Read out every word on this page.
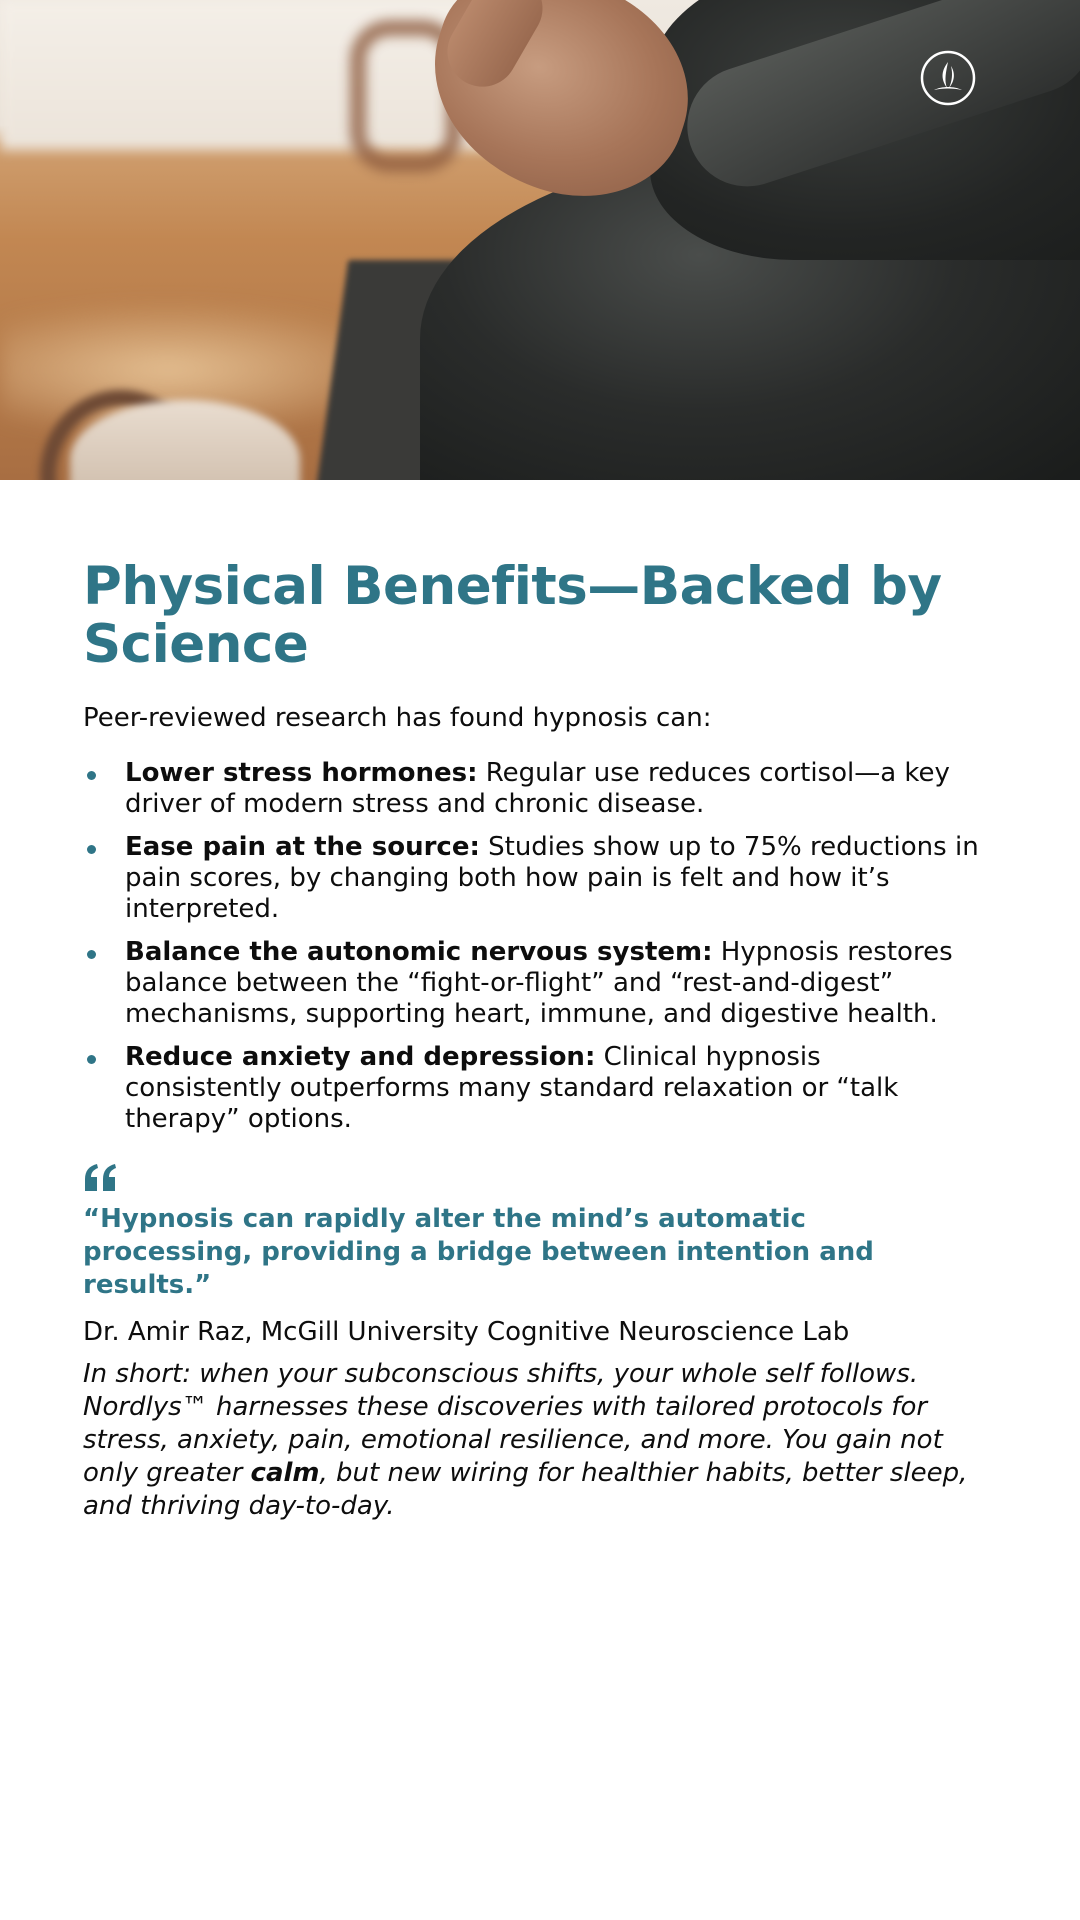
Physical Benefits—Backed by Science

Peer-reviewed research has found hypnosis can:

Lower stress hormones: Regular use reduces cortisol—a key driver of modern stress and chronic disease.
Ease pain at the source: Studies show up to 75% reductions in pain scores, by changing both how pain is felt and how it’s interpreted.
Balance the autonomic nervous system: Hypnosis restores balance between the “fight-or-flight” and “rest-and-digest” mechanisms, supporting heart, immune, and digestive health.
Reduce anxiety and depression: Clinical hypnosis consistently outperforms many standard relaxation or “talk therapy” options.

“Hypnosis can rapidly alter the mind’s automatic processing, providing a bridge between intention and results.”

Dr. Amir Raz, McGill University Cognitive Neuroscience Lab

In short: when your subconscious shifts, your whole self follows. Nordlys™ harnesses these discoveries with tailored protocols for stress, anxiety, pain, emotional resilience, and more. You gain not only greater calm, but new wiring for healthier habits, better sleep, and thriving day-to-day.
